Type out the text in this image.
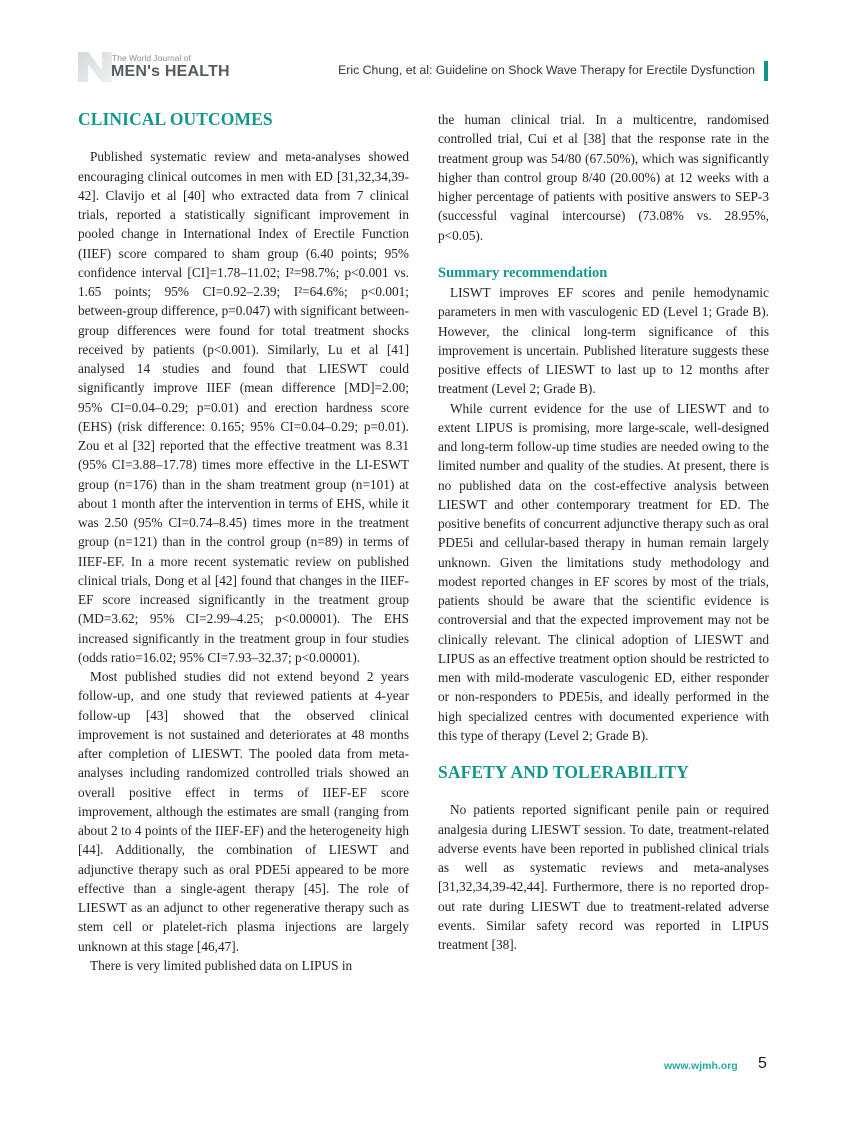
The World Journal of
MEN's HEALTH	Eric Chung, et al: Guideline on Shock Wave Therapy for Erectile Dysfunction
CLINICAL OUTCOMES

Published systematic review and meta-analyses showed encouraging clinical outcomes in men with ED [31,32,34,39-42]. Clavijo et al [40] who extracted data from 7 clinical trials, reported a statistically significant improvement in pooled change in International Index of Erectile Function (IIEF) score compared to sham group (6.40 points; 95% confidence interval [CI]=1.78–11.02; I²=98.7%; p<0.001 vs. 1.65 points; 95% CI=0.92–2.39; I²=64.6%; p<0.001; between-group difference, p=0.047) with significant between-group differences were found for total treatment shocks received by patients (p<0.001). Similarly, Lu et al [41] analysed 14 studies and found that LIESWT could significantly improve IIEF (mean difference [MD]=2.00; 95% CI=0.04–0.29; p=0.01) and erection hardness score (EHS) (risk difference: 0.165; 95% CI=0.04–0.29; p=0.01). Zou et al [32] reported that the effective treatment was 8.31 (95% CI=3.88–17.78) times more effective in the LI-ESWT group (n=176) than in the sham treatment group (n=101) at about 1 month after the intervention in terms of EHS, while it was 2.50 (95% CI=0.74–8.45) times more in the treatment group (n=121) than in the control group (n=89) in terms of IIEF-EF. In a more recent systematic review on published clinical trials, Dong et al [42] found that changes in the IIEF-EF score increased significantly in the treatment group (MD=3.62; 95% CI=2.99–4.25; p<0.00001). The EHS increased significantly in the treatment group in four studies (odds ratio=16.02; 95% CI=7.93–32.37; p<0.00001).

Most published studies did not extend beyond 2 years follow-up, and one study that reviewed patients at 4-year follow-up [43] showed that the observed clinical improvement is not sustained and deteriorates at 48 months after completion of LIESWT. The pooled data from meta-analyses including randomized controlled trials showed an overall positive effect in terms of IIEF-EF score improvement, although the estimates are small (ranging from about 2 to 4 points of the IIEF-EF) and the heterogeneity high [44]. Additionally, the combination of LIESWT and adjunctive therapy such as oral PDE5i appeared to be more effective than a single-agent therapy [45]. The role of LIESWT as an adjunct to other regenerative therapy such as stem cell or platelet-rich plasma injections are largely unknown at this stage [46,47].

There is very limited published data on LIPUS in

the human clinical trial. In a multicentre, randomised controlled trial, Cui et al [38] that the response rate in the treatment group was 54/80 (67.50%), which was significantly higher than control group 8/40 (20.00%) at 12 weeks with a higher percentage of patients with positive answers to SEP-3 (successful vaginal intercourse) (73.08% vs. 28.95%, p<0.05).

Summary recommendation

LISWT improves EF scores and penile hemodynamic parameters in men with vasculogenic ED (Level 1; Grade B). However, the clinical long-term significance of this improvement is uncertain. Published literature suggests these positive effects of LIESWT to last up to 12 months after treatment (Level 2; Grade B).

While current evidence for the use of LIESWT and to extent LIPUS is promising, more large-scale, well-designed and long-term follow-up time studies are needed owing to the limited number and quality of the studies. At present, there is no published data on the cost-effective analysis between LIESWT and other contemporary treatment for ED. The positive benefits of concurrent adjunctive therapy such as oral PDE5i and cellular-based therapy in human remain largely unknown. Given the limitations study methodology and modest reported changes in EF scores by most of the trials, patients should be aware that the scientific evidence is controversial and that the expected improvement may not be clinically relevant. The clinical adoption of LIESWT and LIPUS as an effective treatment option should be restricted to men with mild-moderate vasculogenic ED, either responder or non-responders to PDE5is, and ideally performed in the high specialized centres with documented experience with this type of therapy (Level 2; Grade B).

SAFETY AND TOLERABILITY

No patients reported significant penile pain or required analgesia during LIESWT session. To date, treatment-related adverse events have been reported in published clinical trials as well as systematic reviews and meta-analyses [31,32,34,39-42,44]. Furthermore, there is no reported drop-out rate during LIESWT due to treatment-related adverse events. Similar safety record was reported in LIPUS treatment [38].

www.wjmh.org 5
